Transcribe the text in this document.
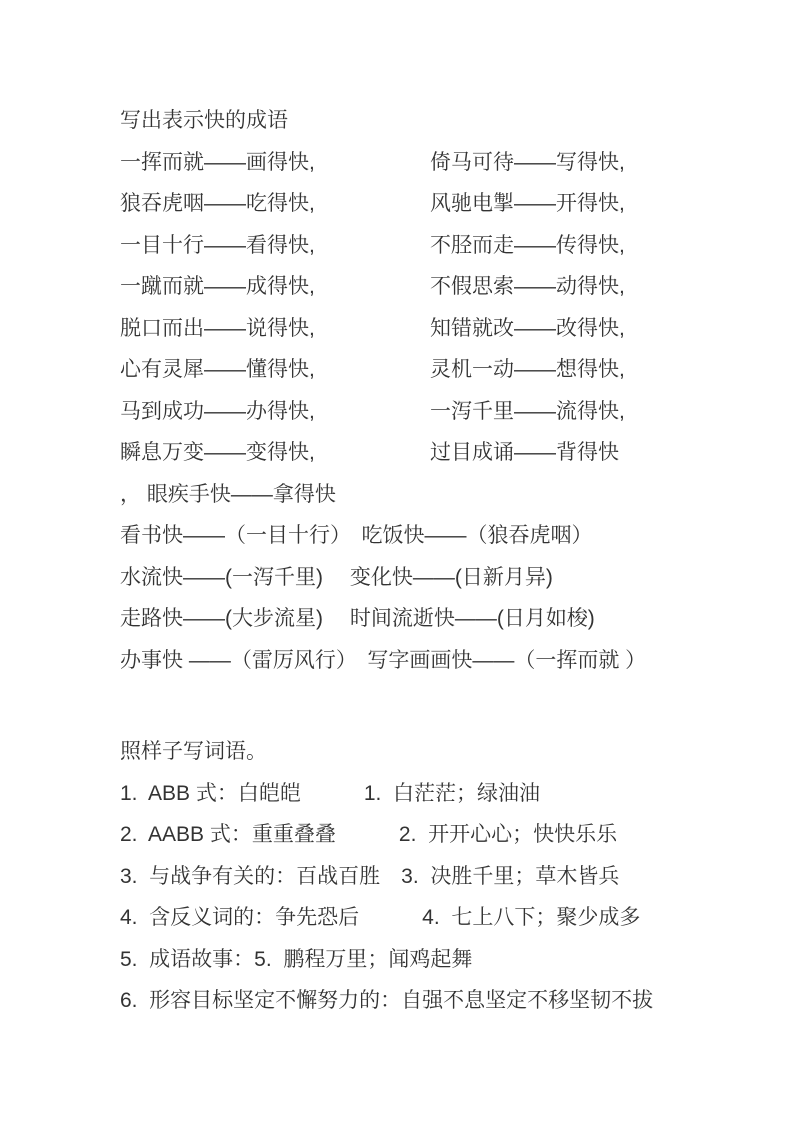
写出表示快的成语
一挥而就——画得快,	倚马可待——写得快,
狼吞虎咽——吃得快,	风驰电掣——开得快,
一目十行——看得快,	不胫而走——传得快,
一蹴而就——成得快,	不假思索——动得快,
脱口而出——说得快,	知错就改——改得快,
心有灵犀——懂得快,	灵机一动——想得快,
马到成功——办得快,	一泻千里——流得快,
瞬息万变——变得快,	过目成诵——背得快
， 眼疾手快——拿得快
看书快——（一目十行）　吃饭快——（狼吞虎咽）
水流快——(一泻千里)　 变化快——(日新月异)
走路快——(大步流星)　 时间流逝快——(日月如梭)
办事快 ——（雷厉风行）　写字画画快——（一挥而就 ）
照样子写词语。
1.  ABB 式：白皑皑　　　1.  白茫茫；绿油油
2.  AABB 式：重重叠叠　　　2.  开开心心；快快乐乐
3.  与战争有关的：百战百胜　3.  决胜千里；草木皆兵
4.  含反义词的：争先恐后　　　4.  七上八下；聚少成多
5.  成语故事：5.  鹏程万里；闻鸡起舞
6.  形容目标坚定不懈努力的：自强不息坚定不移坚韧不拔
